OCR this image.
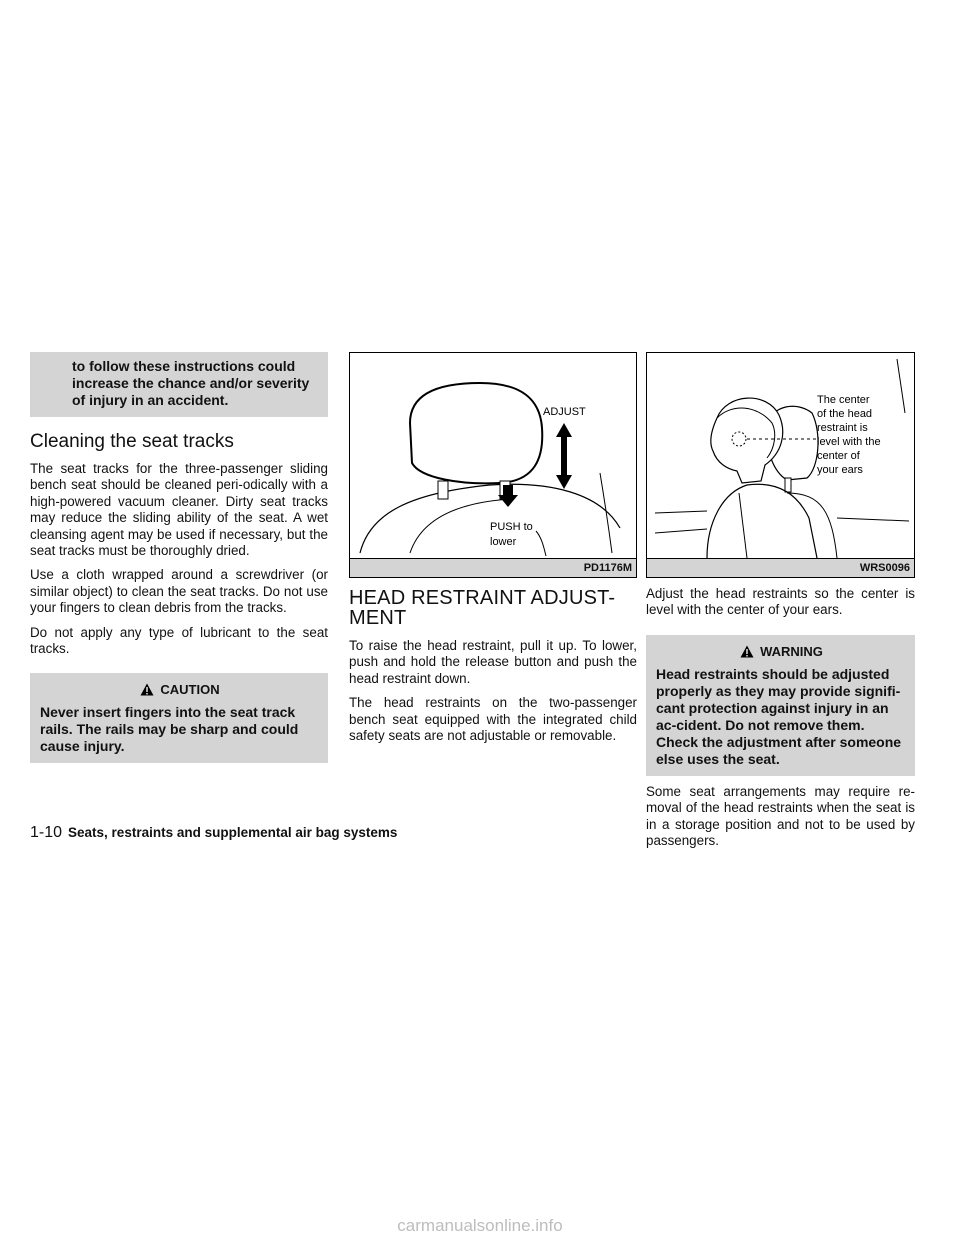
to follow these instructions could increase the chance and/or severity of injury in an accident.
Cleaning the seat tracks

The seat tracks for the three-passenger sliding bench seat should be cleaned peri-odically with a high-powered vacuum cleaner. Dirty seat tracks may reduce the sliding ability of the seat. A wet cleansing agent may be used if necessary, but the seat tracks must be thoroughly dried.

Use a cloth wrapped around a screwdriver (or similar object) to clean the seat tracks. Do not use your fingers to clean debris from the tracks.

Do not apply any type of lubricant to the seat tracks.

CAUTION
Never insert fingers into the seat track rails. The rails may be sharp and could cause injury.
ADJUST
PUSH to
lower
PD1176M
HEAD RESTRAINT ADJUST-
MENT

To raise the head restraint, pull it up. To lower, push and hold the release button and push the head restraint down.

The head restraints on the two-passenger bench seat equipped with the integrated child safety seats are not adjustable or removable.

The center
of the head
restraint is
level with the
center of
your ears
WRS0096

Adjust the head restraints so the center is level with the center of your ears.

WARNING
Head restraints should be adjusted properly as they may provide signifi-cant protection against injury in an ac-cident. Do not remove them. Check the adjustment after someone else uses the seat.

Some seat arrangements may require re-moval of the head restraints when the seat is in a storage position and not to be used by passengers.

1-10 Seats, restraints and supplemental air bag systems
carmanualsonline.info
